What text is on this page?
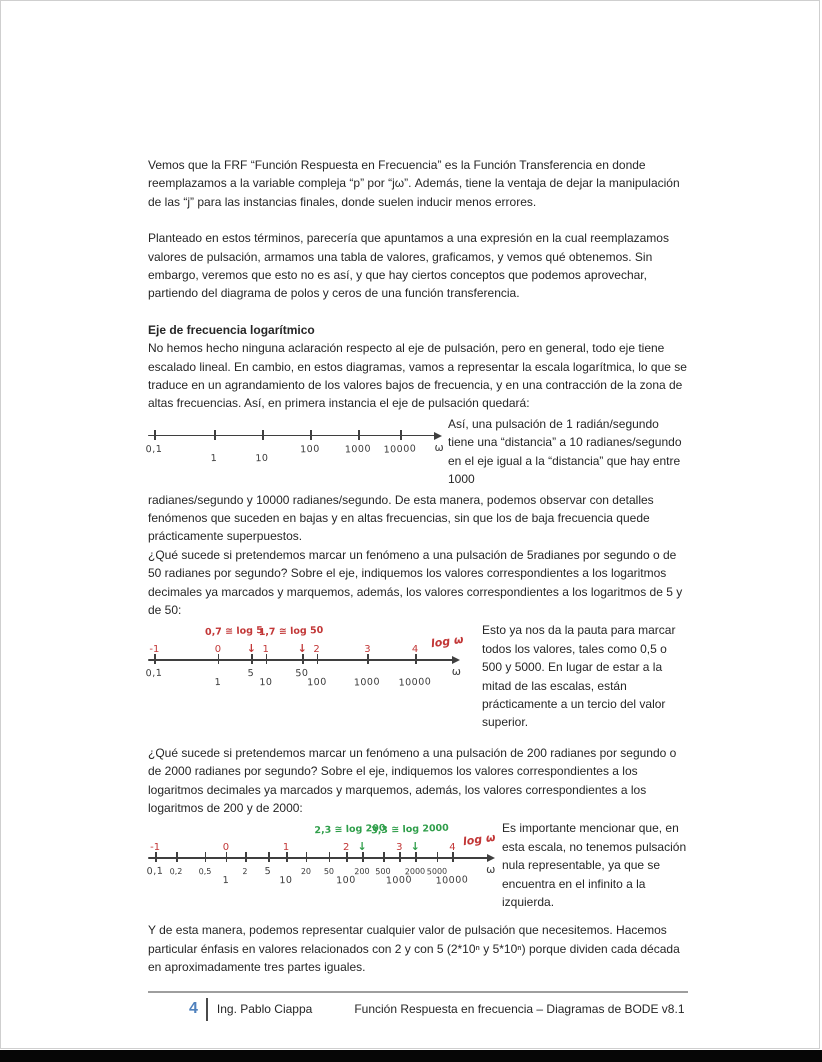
Vemos que la FRF “Función Respuesta en Frecuencia” es la Función Transferencia en donde reemplazamos a la variable compleja “p” por “jω”. Además, tiene la ventaja de dejar la manipulación de las “j” para las instancias finales, donde suelen inducir menos errores.

Planteado en estos términos, parecería que apuntamos a una expresión en la cual reemplazamos valores de pulsación, armamos una tabla de valores, graficamos, y vemos qué obtenemos. Sin embargo, veremos que esto no es así, y que hay ciertos conceptos que podemos aprovechar, partiendo del diagrama de polos y ceros de una función transferencia.

Eje de frecuencia logarítmico

No hemos hecho ninguna aclaración respecto al eje de pulsación, pero en general, todo eje tiene escalado lineal. En cambio, en estos diagramas, vamos a representar la escala logarítmica, lo que se traduce en un agrandamiento de los valores bajos de frecuencia, y en una contracción de la zona de altas frecuencias. Así, en primera instancia el eje de pulsación quedará:

ω
0,1
1	10
100	1000 10000
Así, una pulsación de 1 radián/segundo tiene una “distancia” a 10 radianes/segundo en el eje igual a la “distancia” que hay entre 1000

radianes/segundo y 10000 radianes/segundo. De esta manera, podemos observar con detalles fenómenos que suceden en bajas y en altas frecuencias, sin que los de baja frecuencia quede prácticamente superpuestos.

¿Qué sucede si pretendemos marcar un fenómeno a una pulsación de 5radianes por segundo o de 50 radianes por segundo? Sobre el eje, indiquemos los valores correspondientes a los logaritmos decimales ya marcados y marquemos, además, los valores correspondientes a los logaritmos de 5 y de 50:

ω
log ω
0,1
1
5
10
50
100	1000 10000
-1	0	1	2	3	4
0,7 ≅ log 5
↓
1,7 ≅ log 50
↓
Esto ya nos da la pauta para marcar todos los valores, tales como 0,5 o 500 y 5000. En lugar de estar a la mitad de las escalas, están prácticamente a un tercio del valor superior.

¿Qué sucede si pretendemos marcar un fenómeno a una pulsación de 200 radianes por segundo o de 2000 radianes por segundo? Sobre el eje, indiquemos los valores correspondientes a los logaritmos decimales ya marcados y marquemos, además, los valores correspondientes a los logaritmos de 200 y de 2000:

ω
log ω
0,1 0,2 0,5
1
2 5
10
20 50
100
200 500
1000
2000 5000
10000
-1	0	1	2	3	4
2,3 ≅ log 200
↓
3,3 ≅ log 2000
↓
Es importante mencionar que, en esta escala, no tenemos pulsación nula representable, ya que se encuentra en el infinito a la izquierda.

Y de esta manera, podemos representar cualquier valor de pulsación que necesitemos. Hacemos particular énfasis en valores relacionados con 2 y con 5 (2*10ⁿ y 5*10ⁿ) porque dividen cada década en aproximadamente tres partes iguales.

4 Ing. Pablo Ciappa	Función Respuesta en frecuencia – Diagramas de BODE v8.1
